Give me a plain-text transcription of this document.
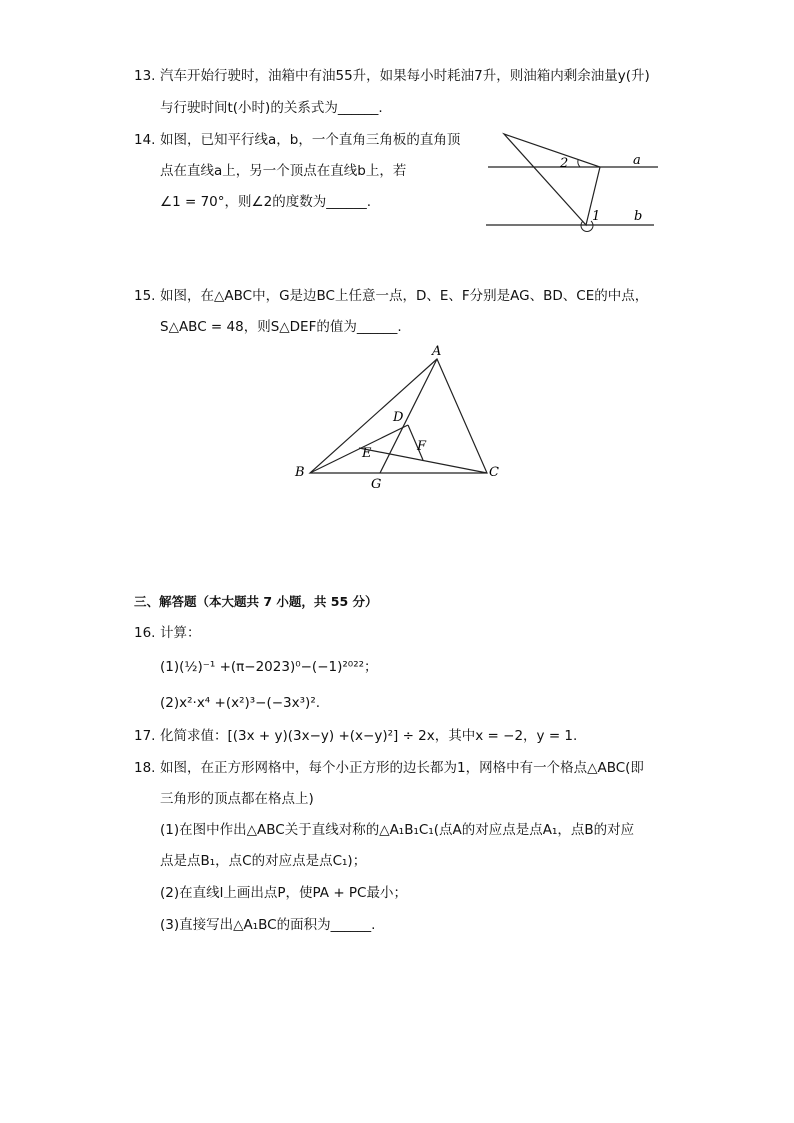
13. 汽车开始行驶时，油箱中有油55升，如果每小时耗油7升，则油箱内剩余油量y(升)
与行驶时间t(小时)的关系式为______.
14. 如图，已知平行线a，b，一个直角三角板的直角顶
点在直线a上，另一个顶点在直线b上，若
∠1 = 70°，则∠2的度数为______.
2	a
1	b
15. 如图，在△ABC中，G是边BC上任意一点，D、E、F分别是AG、BD、CE的中点，
S△ABC = 48，则S△DEF的值为______.
A
B	C
D
E	F
G
三、解答题（本大题共 7 小题，共 55 分）
16. 计算：
(1)(½)⁻¹ +(π−2023)⁰−(−1)²⁰²²；
(2)x²·x⁴ +(x²)³−(−3x³)².
17. 化简求值：[(3x + y)(3x−y) +(x−y)²] ÷ 2x，其中x = −2，y = 1.
18. 如图，在正方形网格中，每个小正方形的边长都为1，网格中有一个格点△ABC(即
三角形的顶点都在格点上)
(1)在图中作出△ABC关于直线对称的△A₁B₁C₁(点A的对应点是点A₁，点B的对应
点是点B₁，点C的对应点是点C₁)；
(2)在直线l上画出点P，使PA + PC最小；
(3)直接写出△A₁BC的面积为______.
